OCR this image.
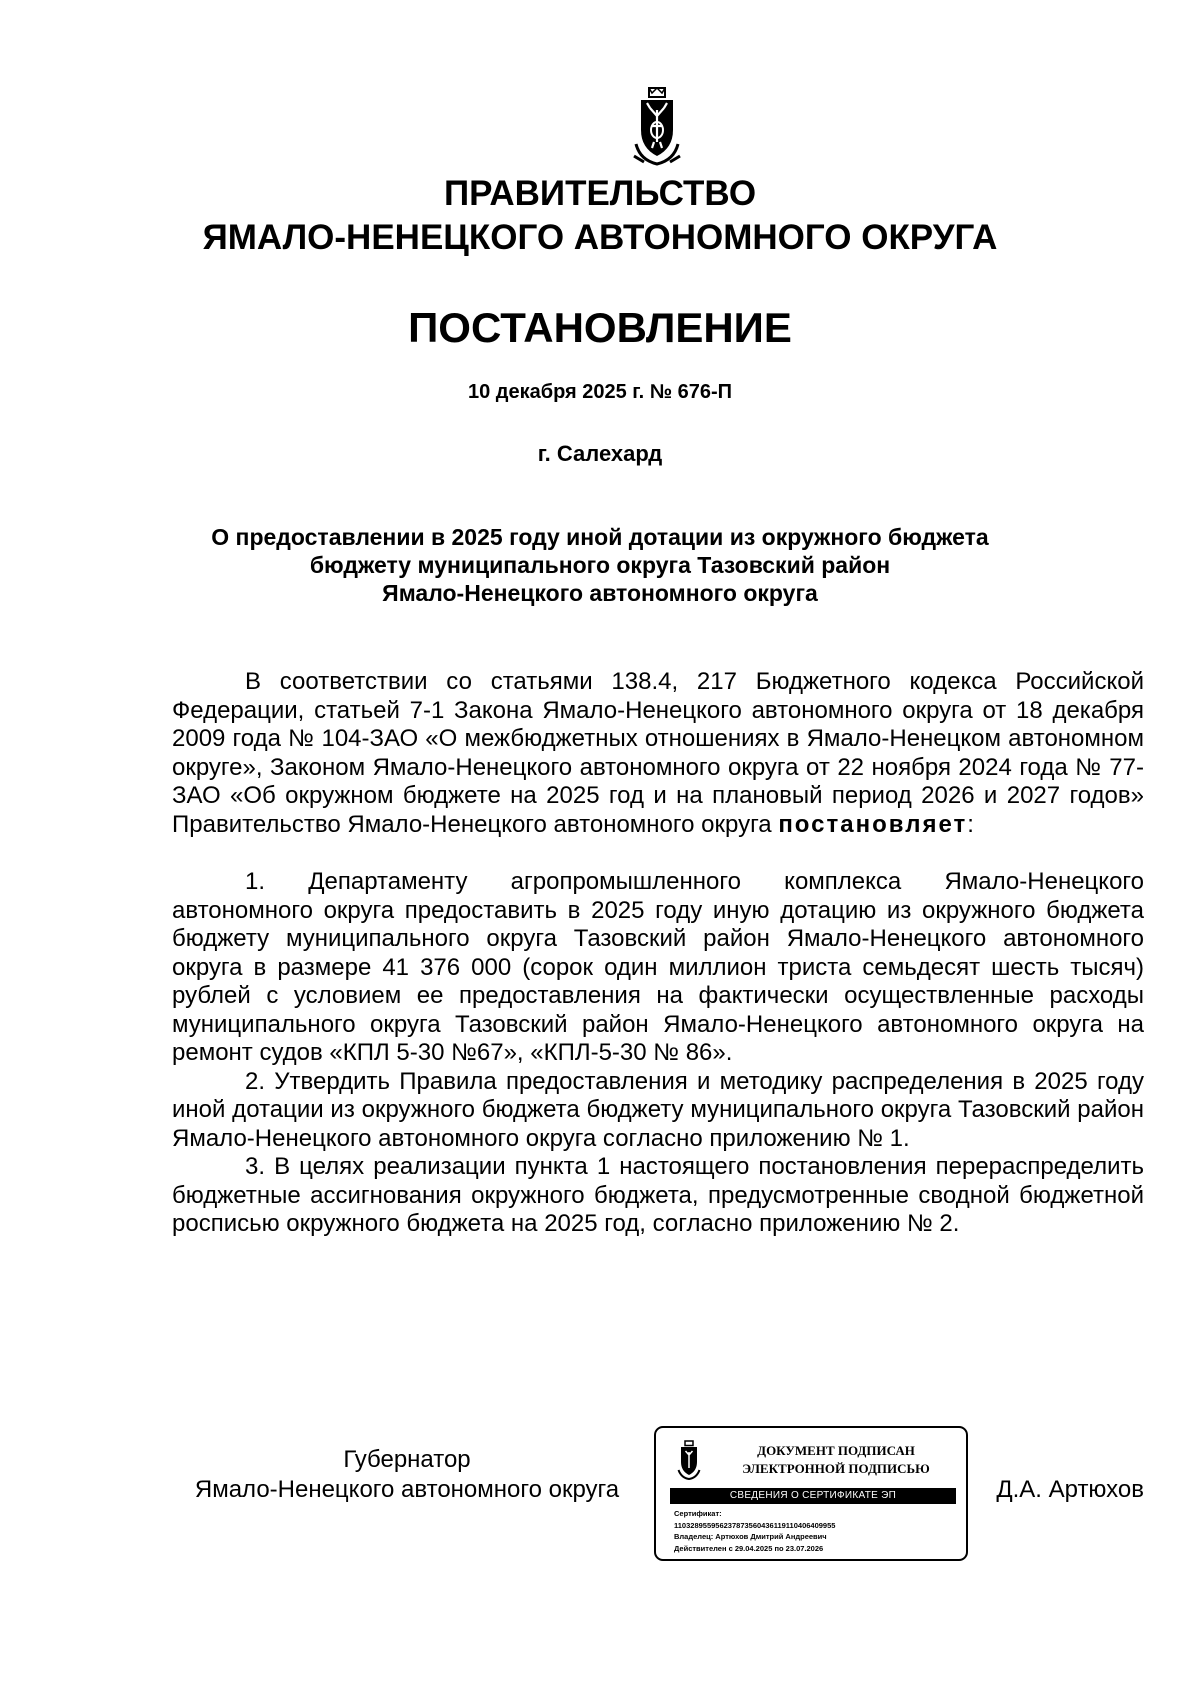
ПРАВИТЕЛЬСТВО
ЯМАЛО-НЕНЕЦКОГО АВТОНОМНОГО ОКРУГА
ПОСТАНОВЛЕНИЕ
10 декабря 2025 г. № 676-П
г. Салехард
О предоставлении в 2025 году иной дотации из окружного бюджета
бюджету муниципального округа Тазовский район
Ямало-Ненецкого автономного округа

В соответствии со статьями 138.4, 217 Бюджетного кодекса Российской Федерации, статьей 7-1 Закона Ямало-Ненецкого автономного округа от 18 декабря 2009 года № 104-ЗАО «О межбюджетных отношениях в Ямало-Ненецком автономном округе», Законом Ямало-Ненецкого автономного округа от 22 ноября 2024 года № 77-ЗАО «Об окружном бюджете на 2025 год и на плановый период 2026 и 2027 годов» Правительство Ямало-Ненецкого автономного округа постановляет:

1. Департаменту агропромышленного комплекса Ямало-Ненецкого автономного округа предоставить в 2025 году иную дотацию из окружного бюджета бюджету муниципального округа Тазовский район Ямало-Ненецкого автономного округа в размере 41 376 000 (сорок один миллион триста семьдесят шесть тысяч) рублей с условием ее предоставления на фактически осуществленные расходы муниципального округа Тазовский район Ямало-Ненецкого автономного округа на ремонт судов «КПЛ 5-30 №67», «КПЛ-5-30 № 86».

2. Утвердить Правила предоставления и методику распределения в 2025 году иной дотации из окружного бюджета бюджету муниципального округа Тазовский район Ямало-Ненецкого автономного округа согласно приложению № 1.

3. В целях реализации пункта 1 настоящего постановления перераспределить бюджетные ассигнования окружного бюджета, предусмотренные сводной бюджетной росписью окружного бюджета на 2025 год, согласно приложению № 2.

Губернатор
Ямало-Ненецкого автономного округа
ДОКУМЕНТ ПОДПИСАН
ЭЛЕКТРОННОЙ ПОДПИСЬЮ
СВЕДЕНИЯ О СЕРТИФИКАТЕ ЭП
Сертификат:
110328955956237873560436119110406409955
Владелец: Артюхов Дмитрий Андреевич
Действителен с 29.04.2025 по 23.07.2026
Д.А. Артюхов
